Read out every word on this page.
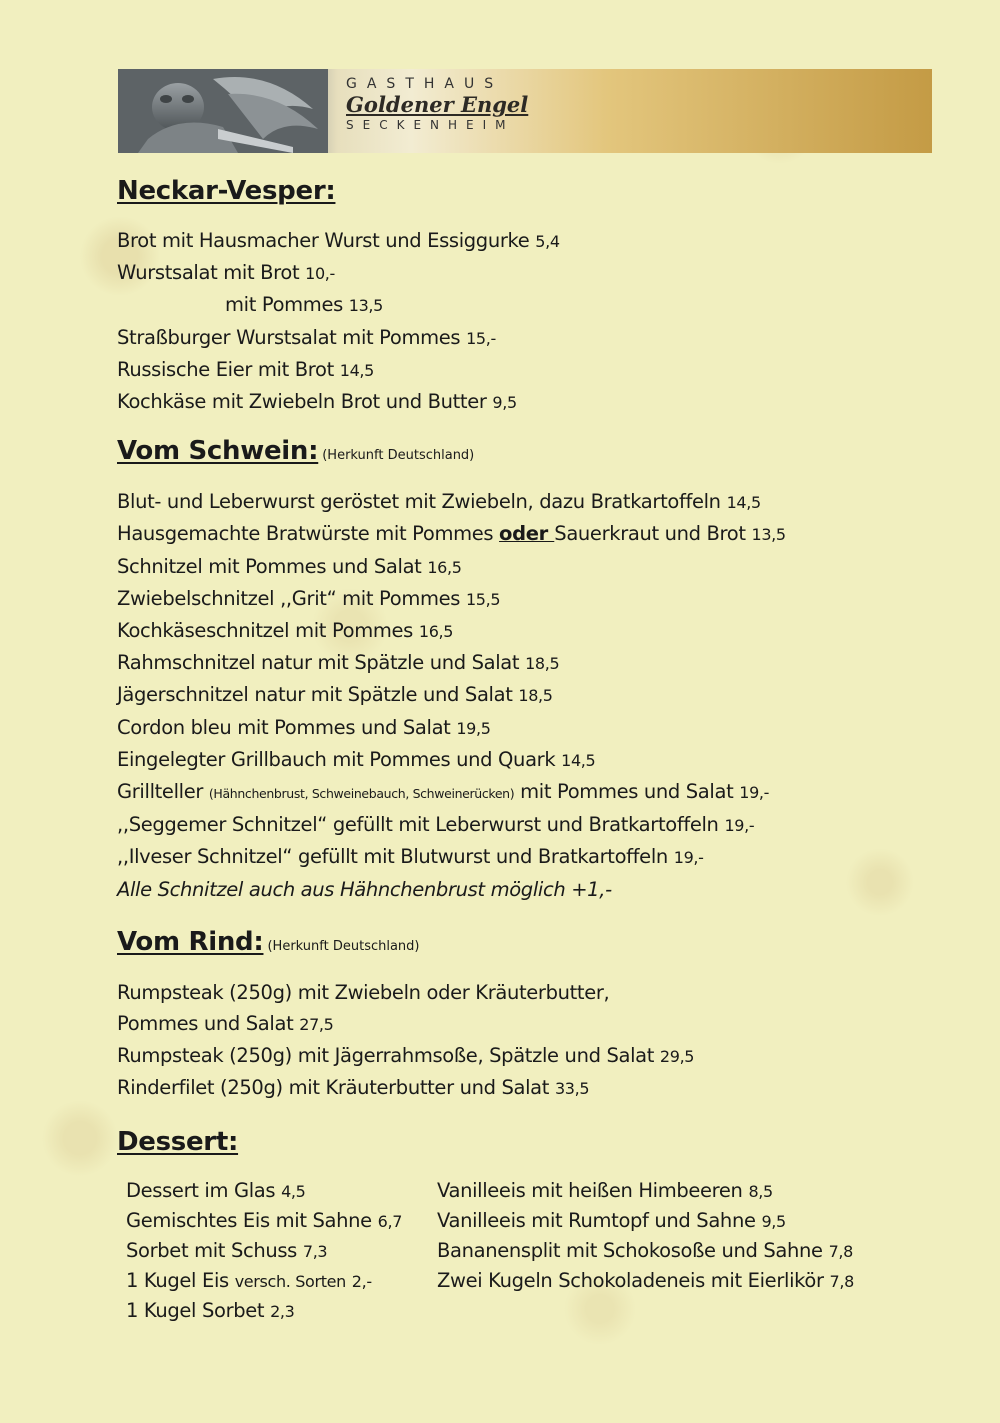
GASTHAUS
Goldener Engel
SECKENHEIM
Neckar-Vesper:
Brot mit Hausmacher Wurst und Essiggurke 5,4
Wurstsalat mit Brot 10,-
mit Pommes 13,5
Straßburger Wurstsalat mit Pommes 15,-
Russische Eier mit Brot 14,5
Kochkäse mit Zwiebeln Brot und Butter 9,5
Vom Schwein: (Herkunft Deutschland)
Blut- und Leberwurst geröstet mit Zwiebeln, dazu Bratkartoffeln 14,5
Hausgemachte Bratwürste mit Pommes oder Sauerkraut und Brot 13,5
Schnitzel mit Pommes und Salat 16,5
Zwiebelschnitzel ,,Grit“ mit Pommes 15,5
Kochkäseschnitzel mit Pommes 16,5
Rahmschnitzel natur mit Spätzle und Salat 18,5
Jägerschnitzel natur mit Spätzle und Salat 18,5
Cordon bleu mit Pommes und Salat 19,5
Eingelegter Grillbauch mit Pommes und Quark 14,5
Grillteller (Hähnchenbrust, Schweinebauch, Schweinerücken) mit Pommes und Salat 19,-
,,Seggemer Schnitzel“ gefüllt mit Leberwurst und Bratkartoffeln 19,-
,,Ilveser Schnitzel“ gefüllt mit Blutwurst und Bratkartoffeln 19,-
Alle Schnitzel auch aus Hähnchenbrust möglich +1,-
Vom Rind: (Herkunft Deutschland)
Rumpsteak (250g) mit Zwiebeln oder Kräuterbutter,
Pommes und Salat 27,5
Rumpsteak (250g) mit Jägerrahmsoße, Spätzle und Salat 29,5
Rinderfilet (250g) mit Kräuterbutter und Salat 33,5
Dessert:
Dessert im Glas 4,5
Gemischtes Eis mit Sahne 6,7
Sorbet mit Schuss 7,3
1 Kugel Eis versch. Sorten 2,-
1 Kugel Sorbet 2,3
Vanilleeis mit heißen Himbeeren 8,5
Vanilleeis mit Rumtopf und Sahne 9,5
Bananensplit mit Schokosoße und Sahne 7,8
Zwei Kugeln Schokoladeneis mit Eierlikör 7,8
